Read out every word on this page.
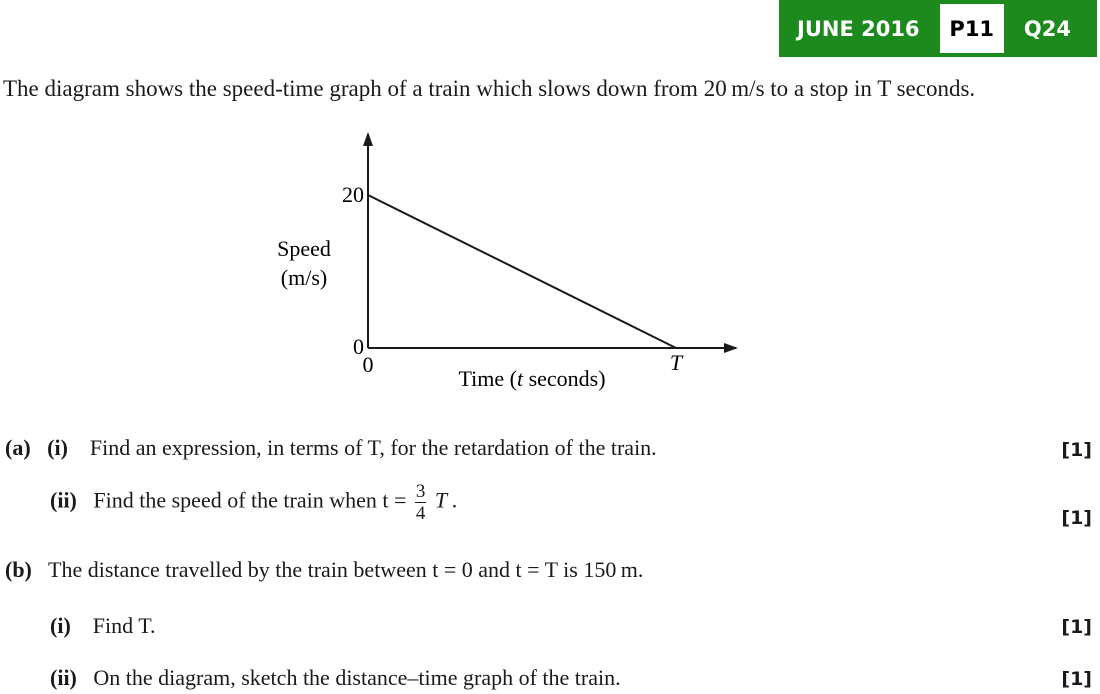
JUNE 2016	P11	Q24
The diagram shows the speed-time graph of a train which slows down from 20 m/s to a stop in T seconds.
Speed
(m/s)
20
0
0	T
Time (t seconds)
(a) (i) Find an expression, in terms of T, for the retardation of the train.	[1]
(ii) Find the speed of the train when $t = \frac{3}{4}$ T .
[1]
(b) The distance travelled by the train between t = 0 and t = T is 150 m.
(i) Find T.	[1]
(ii) On the diagram, sketch the distance–time graph of the train.	[1]
